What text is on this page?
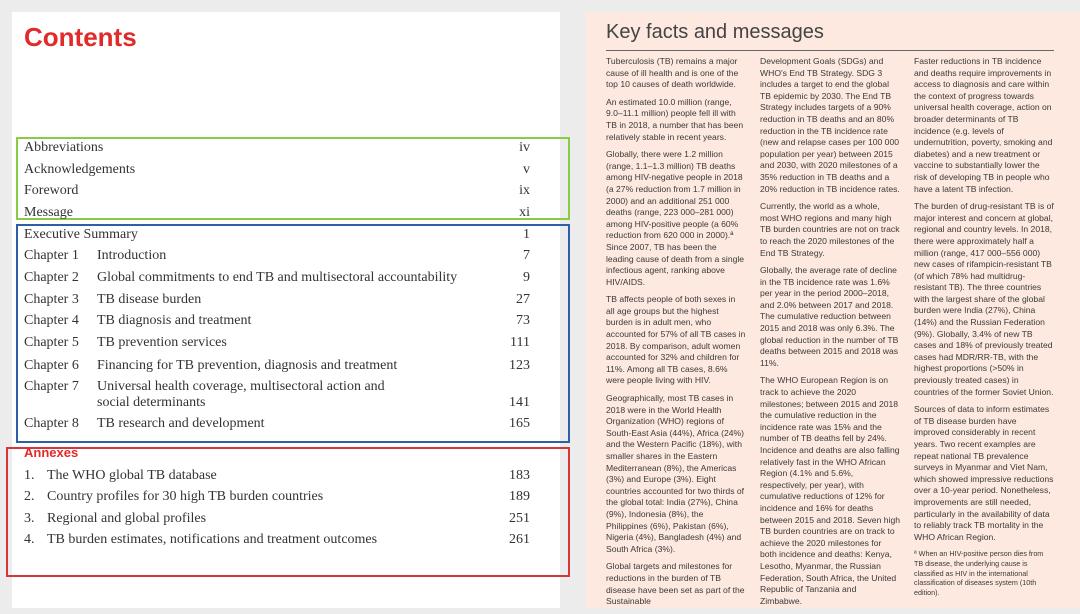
Contents
Abbreviations	iv
Acknowledgements	v
Foreword	ix
Message	xi
Executive Summary	1
Chapter 1 Introduction	7
Chapter 2 Global commitments to end TB and multisectoral accountability	9
Chapter 3 TB disease burden	27
Chapter 4 TB diagnosis and treatment	73
Chapter 5 TB prevention services	111
Chapter 6 Financing for TB prevention, diagnosis and treatment	123
Chapter 7 Universal health coverage, multisectoral action and
social determinants	141
Chapter 8 TB research and development	165
Annexes
1. The WHO global TB database	183
2. Country profiles for 30 high TB burden countries	189
3. Regional and global profiles	251
4. TB burden estimates, notifications and treatment outcomes	261
Key facts and messages

Tuberculosis (TB) remains a major cause of ill health and is one of the top 10 causes of death worldwide.

An estimated 10.0 million (range, 9.0–11.1 million) people fell ill with TB in 2018, a number that has been relatively stable in recent years.

Globally, there were 1.2 million (range, 1.1–1.3 million) TB deaths among HIV-negative people in 2018 (a 27% reduction from 1.7 million in 2000) and an additional 251 000 deaths (range, 223 000–281 000) among HIV-positive people (a 60% reduction from 620 000 in 2000).ª Since 2007, TB has been the leading cause of death from a single infectious agent, ranking above HIV/AIDS.

TB affects people of both sexes in all age groups but the highest burden is in adult men, who accounted for 57% of all TB cases in 2018. By comparison, adult women accounted for 32% and children for 11%. Among all TB cases, 8.6% were people living with HIV.

Geographically, most TB cases in 2018 were in the World Health Organization (WHO) regions of South-East Asia (44%), Africa (24%) and the Western Pacific (18%), with smaller shares in the Eastern Mediterranean (8%), the Americas (3%) and Europe (3%). Eight countries accounted for two thirds of the global total: India (27%), China (9%), Indonesia (8%), the Philippines (6%), Pakistan (6%), Nigeria (4%), Bangladesh (4%) and South Africa (3%).

Global targets and milestones for reductions in the burden of TB disease have been set as part of the Sustainable

Development Goals (SDGs) and WHO's End TB Strategy. SDG 3 includes a target to end the global TB epidemic by 2030. The End TB Strategy includes targets of a 90% reduction in TB deaths and an 80% reduction in the TB incidence rate (new and relapse cases per 100 000 population per year) between 2015 and 2030, with 2020 milestones of a 35% reduction in TB deaths and a 20% reduction in TB incidence rates.

Currently, the world as a whole, most WHO regions and many high TB burden countries are not on track to reach the 2020 milestones of the End TB Strategy.

Globally, the average rate of decline in the TB incidence rate was 1.6% per year in the period 2000–2018, and 2.0% between 2017 and 2018. The cumulative reduction between 2015 and 2018 was only 6.3%. The global reduction in the number of TB deaths between 2015 and 2018 was 11%.

The WHO European Region is on track to achieve the 2020 milestones; between 2015 and 2018 the cumulative reduction in the incidence rate was 15% and the number of TB deaths fell by 24%. Incidence and deaths are also falling relatively fast in the WHO African Region (4.1% and 5.6%, respectively, per year), with cumulative reductions of 12% for incidence and 16% for deaths between 2015 and 2018. Seven high TB burden countries are on track to achieve the 2020 milestones for both incidence and deaths: Kenya, Lesotho, Myanmar, the Russian Federation, South Africa, the United Republic of Tanzania and Zimbabwe.

Faster reductions in TB incidence and deaths require improvements in access to diagnosis and care within the context of progress towards universal health coverage, action on broader determinants of TB incidence (e.g. levels of undernutrition, poverty, smoking and diabetes) and a new treatment or vaccine to substantially lower the risk of developing TB in people who have a latent TB infection.

The burden of drug-resistant TB is of major interest and concern at global, regional and country levels. In 2018, there were approximately half a million (range, 417 000–556 000) new cases of rifampicin-resistant TB (of which 78% had multidrug-resistant TB). The three countries with the largest share of the global burden were India (27%), China (14%) and the Russian Federation (9%). Globally, 3.4% of new TB cases and 18% of previously treated cases had MDR/RR-TB, with the highest proportions (>50% in previously treated cases) in countries of the former Soviet Union.

Sources of data to inform estimates of TB disease burden have improved considerably in recent years. Two recent examples are repeat national TB prevalence surveys in Myanmar and Viet Nam, which showed impressive reductions over a 10-year period. Nonetheless, improvements are still needed, particularly in the availability of data to reliably track TB mortality in the WHO African Region.

ª When an HIV-positive person dies from TB disease, the underlying cause is classified as HIV in the international classification of diseases system (10th edition).
